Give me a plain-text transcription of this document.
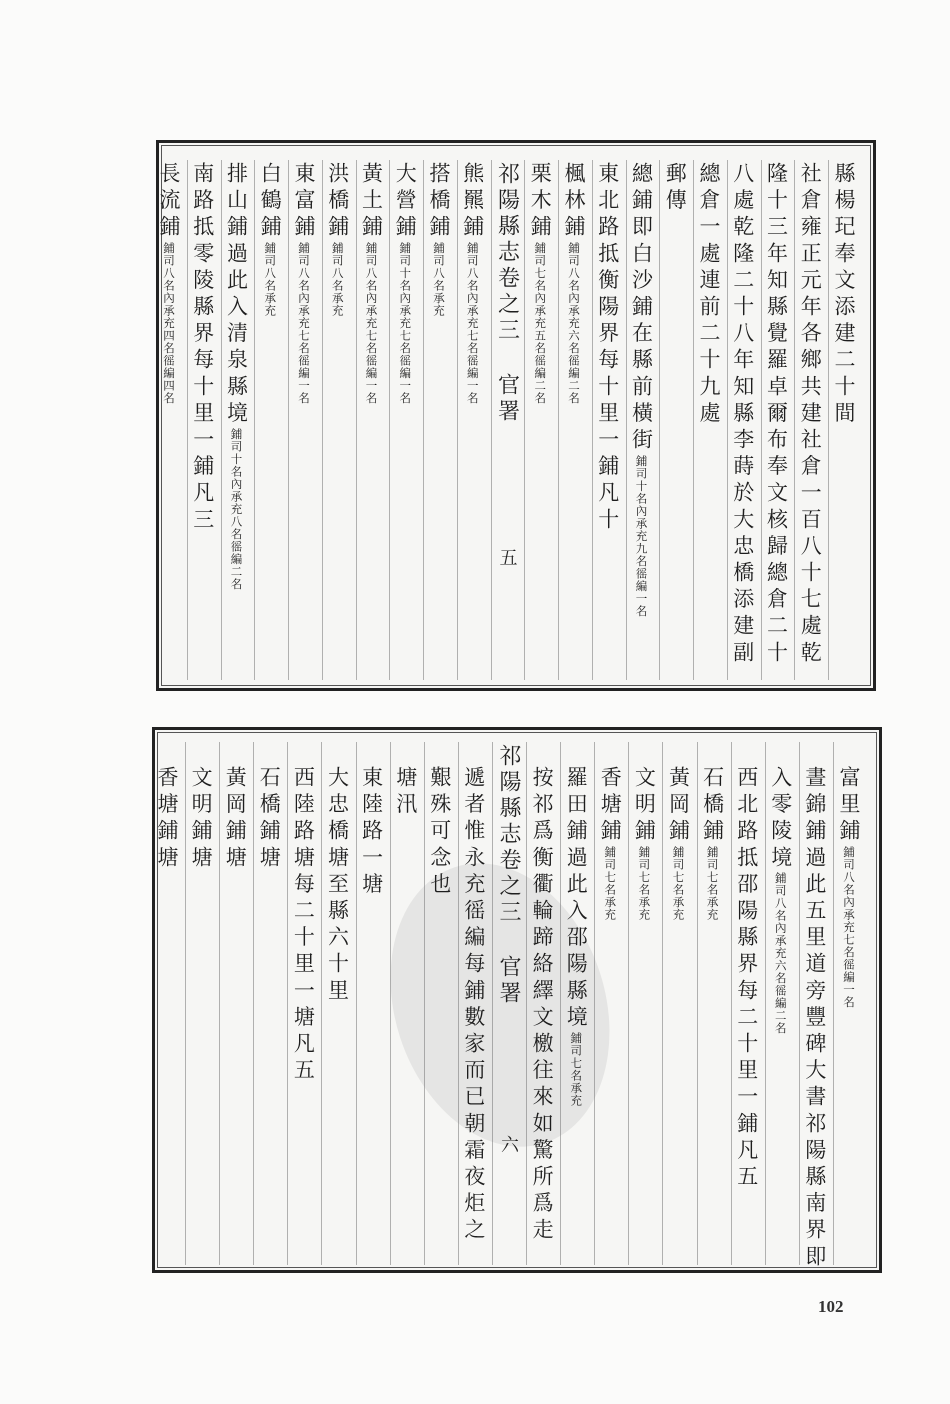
縣楊玘奉文添建二十間
社倉雍正元年各鄉共建社倉一百八十七處乾
隆十三年知縣覺羅卓爾布奉文核歸總倉二十
八處乾隆二十八年知縣李蒔於大忠橋添建副
總倉一處連前二十九處
郵傳
總鋪即白沙鋪在縣前橫街鋪司十名內承充九名徭編一名
東北路抵衡陽界每十里一鋪凡十
楓林鋪鋪司八名內承充六名徭編二名
栗木鋪鋪司七名內承充五名徭編二名
祁陽縣志卷之三 官署
五
熊羆鋪鋪司八名內承充七名徭編一名
搭橋鋪鋪司八名承充
大營鋪鋪司十名內承充七名徭編一名
黃土鋪鋪司八名內承充七名徭編一名
洪橋鋪鋪司八名承充
東富鋪鋪司八名內承充七名徭編一名
白鶴鋪鋪司八名承充
排山鋪過此入清泉縣境鋪司十名內承充八名徭編二名
南路抵零陵縣界每十里一鋪凡三
長流鋪鋪司八名內承充四名徭編四名
富里鋪鋪司八名內承充七名徭編一名
晝錦鋪過此五里道旁豐碑大書祁陽縣南界即
入零陵境鋪司八名內承充六名徭編二名
西北路抵邵陽縣界每二十里一鋪凡五
石橋鋪鋪司七名承充
黃岡鋪鋪司七名承充
文明鋪鋪司七名承充
香塘鋪鋪司七名承充
羅田鋪過此入邵陽縣境鋪司七名承充
按祁爲衡衢輪蹄絡繹文檄往來如驚所爲走
祁陽縣志卷之三 官署
六
遞者惟永充徭編每鋪數家而已朝霜夜炬之
艱殊可念也
塘汛
東陸路一塘
大忠橋塘至縣六十里
西陸路塘每二十里一塘凡五
石橋鋪塘
黃岡鋪塘
文明鋪塘
香塘鋪塘
102
